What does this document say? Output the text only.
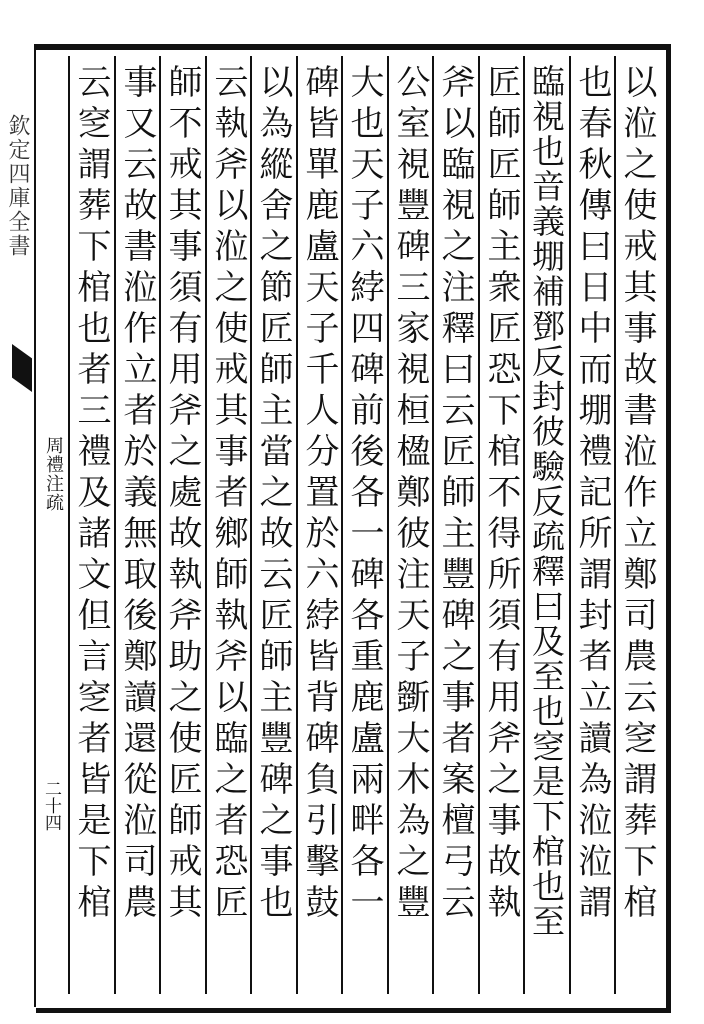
欽定四庫全書
周禮注疏
二十四	以涖之使戒其事故書涖作立鄭司農云窆謂葬下棺
也春秋傳曰日中而堋禮記所謂封者立讀為涖涖謂
臨視也音義堋補鄧反封彼驗反疏釋曰及至也窆是下棺也至
匠師匠師主衆匠恐下棺不得所須有用斧之事故執
斧以臨視之注釋曰云匠師主豐碑之事者案檀弓云
公室視豐碑三家視桓楹鄭彼注天子斵大木為之豐
大也天子六綍四碑前後各一碑各重鹿盧兩畔各一
碑皆單鹿盧天子千人分置於六綍皆背碑負引擊鼓
以為縱舍之節匠師主當之故云匠師主豐碑之事也
云執斧以涖之使戒其事者鄉師執斧以臨之者恐匠
師不戒其事須有用斧之處故執斧助之使匠師戒其
事又云故書涖作立者於義無取後鄭讀還從涖司農
云窆謂葬下棺也者三禮及諸文但言窆者皆是下棺
